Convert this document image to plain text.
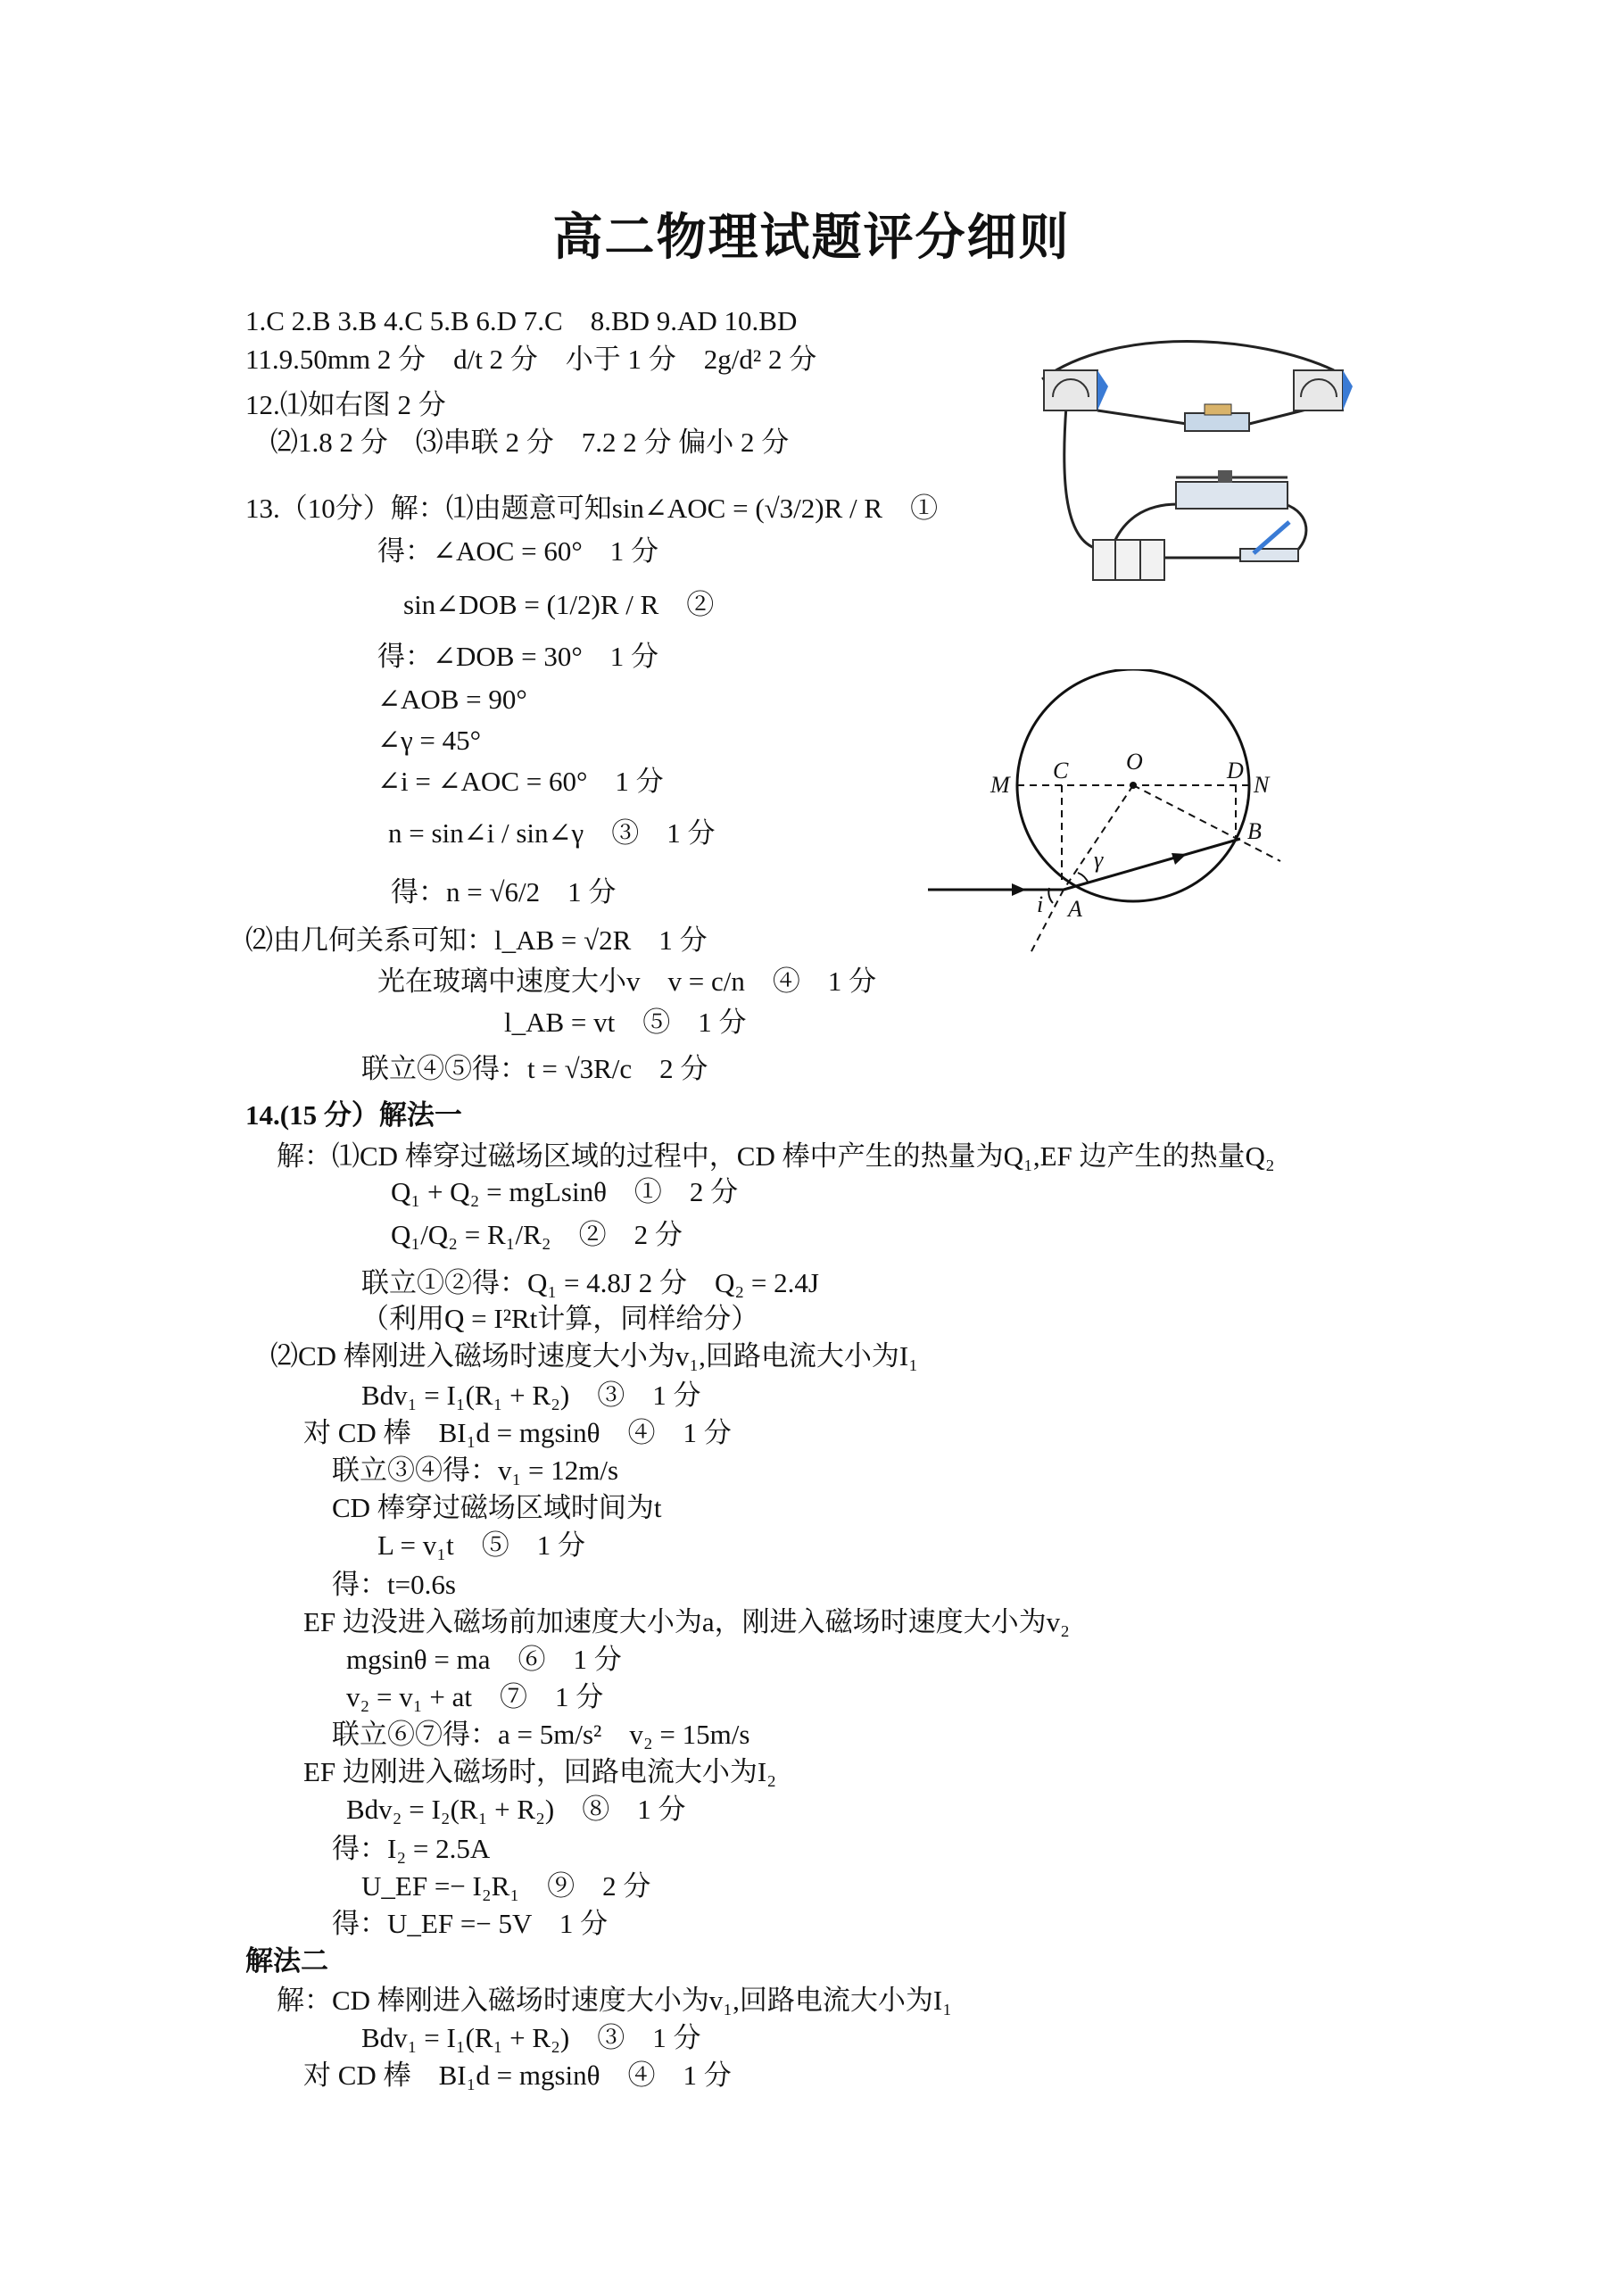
高二物理试题评分细则
1.C 2.B 3.B 4.C 5.B 6.D 7.C　8.BD 9.AD 10.BD
11.9.50mm 2 分　d/t 2 分　小于 1 分　2g/d² 2 分
12.⑴如右图 2 分
⑵1.8 2 分　⑶串联 2 分　7.2 2 分 偏小 2 分
13.（10分）解：⑴由题意可知sin∠AOC = (√3/2)R / R　①
得：∠AOC = 60°　1 分
sin∠DOB = (1/2)R / R　②
得：∠DOB = 30°　1 分
∠AOB = 90°
∠γ = 45°
∠i = ∠AOC = 60°　1 分
n = sin∠i / sin∠γ　③　1 分
得：n = √6/2　1 分
⑵由几何关系可知：l_AB = √2R　1 分
光在玻璃中速度大小v　v = c/n　④　1 分
l_AB = vt　⑤　1 分
联立④⑤得：t = √3R/c　2 分
14.(15 分）解法一
解：⑴CD 棒穿过磁场区域的过程中，CD 棒中产生的热量为Q₁,EF 边产生的热量Q₂
Q₁ + Q₂ = mgLsinθ　①　2 分
Q₁/Q₂ = R₁/R₂　②　2 分
联立①②得：Q₁ = 4.8J 2 分　Q₂ = 2.4J
（利用Q = I²Rt计算，同样给分）
⑵CD 棒刚进入磁场时速度大小为v₁,回路电流大小为I₁
Bdv₁ = I₁(R₁ + R₂)　③　1 分
对 CD 棒　BI₁d = mgsinθ　④　1 分
联立③④得：v₁ = 12m/s
CD 棒穿过磁场区域时间为t
L = v₁t　⑤　1 分
得：t=0.6s
EF 边没进入磁场前加速度大小为a，刚进入磁场时速度大小为v₂
mgsinθ = ma　⑥　1 分
v₂ = v₁ + at　⑦　1 分
联立⑥⑦得：a = 5m/s²　v₂ = 15m/s
EF 边刚进入磁场时，回路电流大小为I₂
Bdv₂ = I₂(R₁ + R₂)　⑧　1 分
得：I₂ = 2.5A
U_EF =− I₂R₁　⑨　2 分
得：U_EF =− 5V　1 分
解法二
解：CD 棒刚进入磁场时速度大小为v₁,回路电流大小为I₁
Bdv₁ = I₁(R₁ + R₂)　③　1 分
对 CD 棒　BI₁d = mgsinθ　④　1 分
M
C O	D
N
B
γ
i A
